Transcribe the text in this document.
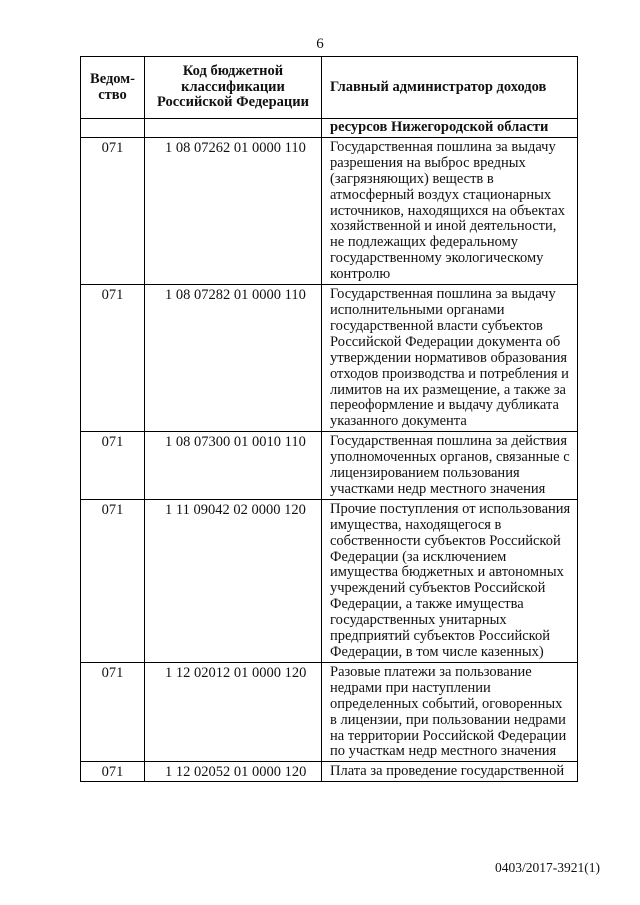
6
Ведом-ство	Код бюджетной классификации Российской Федерации	Главный администратор доходов
		ресурсов Нижегородской области
071	1 08 07262 01 0000 110	Государственная пошлина за выдачу разрешения на выброс вредных (загрязняющих) веществ в атмосферный воздух стационарных источников, находящихся на объектах хозяйственной и иной деятельности, не подлежащих федеральному государственному экологическому контролю
071	1 08 07282 01 0000 110	Государственная пошлина за выдачу исполнительными органами государственной власти субъектов Российской Федерации документа об утверждении нормативов образования отходов производства и потребления и лимитов на их размещение, а также за переоформление и выдачу дубликата указанного документа
071	1 08 07300 01 0010 110	Государственная пошлина за действия уполномоченных органов, связанные с лицензированием пользования участками недр местного значения
071	1 11 09042 02 0000 120	Прочие поступления от использования имущества, находящегося в собственности субъектов Российской Федерации (за исключением имущества бюджетных и автономных учреждений субъектов Российской Федерации, а также имущества государственных унитарных предприятий субъектов Российской Федерации, в том числе казенных)
071	1 12 02012 01 0000 120	Разовые платежи за пользование недрами при наступлении определенных событий, оговоренных в лицензии, при пользовании недрами на территории Российской Федерации по участкам недр местного значения
071	1 12 02052 01 0000 120	Плата за проведение государственной
0403/2017-3921(1)
